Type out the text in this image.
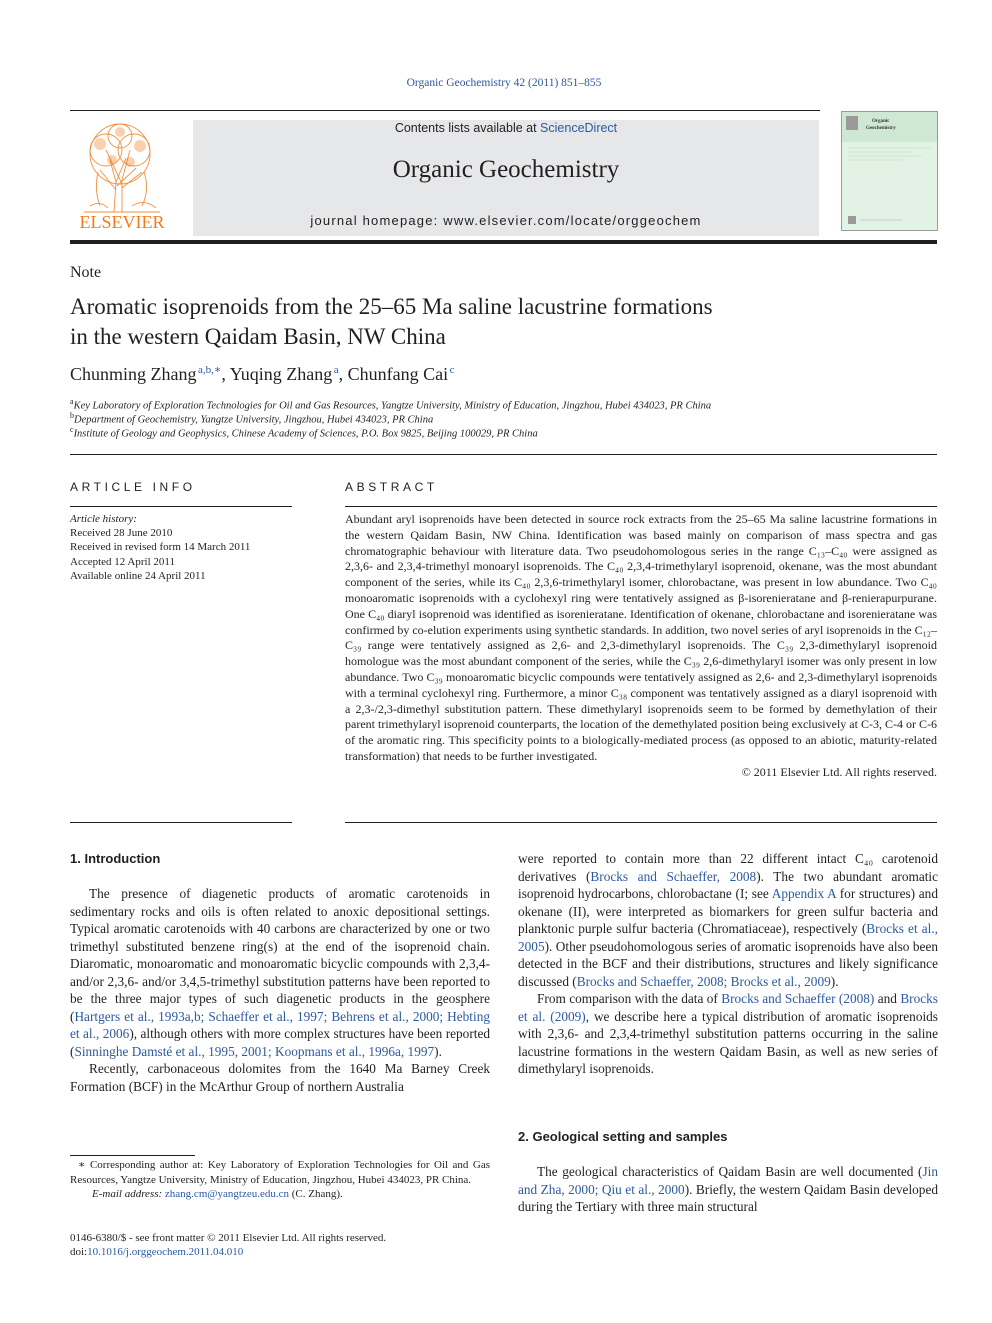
Organic Geochemistry 42 (2011) 851–855
ELSEVIER
Contents lists available at ScienceDirect
Organic Geochemistry
journal homepage: www.elsevier.com/locate/orggeochem
Organic
Geochemistry
Note
Aromatic isoprenoids from the 25–65 Ma saline lacustrine formations
in the western Qaidam Basin, NW China
Chunming Zhang  $^{a,b,∗}$, Yuqing Zhang  $^a$, Chunfang Cai  $^c$
$^a$Key Laboratory of Exploration Technologies for Oil and Gas Resources, Yangtze University, Ministry of Education, Jingzhou, Hubei 434023, PR China
$^b$Department of Geochemistry, Yangtze University, Jingzhou, Hubei 434023, PR China
$^c$Institute of Geology and Geophysics, Chinese Academy of Sciences, P.O. Box 9825, Beijing 100029, PR China
ARTICLE INFO	ABSTRACT
Article history:
Received 28 June 2010
Received in revised form 14 March 2011
Accepted 12 April 2011
Available online 24 April 2011

Abundant aryl isoprenoids have been detected in source rock extracts from the 25–65 Ma saline lacustrine formations in the western Qaidam Basin, NW China. Identification was based mainly on comparison of mass spectra and gas chromatographic behaviour with literature data. Two pseudohomologous series in the range C₁₃–C₄₀ were assigned as 2,3,6- and 2,3,4-trimethyl monoaryl isoprenoids. The C₄₀ 2,3,4-trimethylaryl isoprenoid, okenane, was the most abundant component of the series, while its C₄₀ 2,3,6-trimethylaryl isomer, chlorobactane, was present in low abundance. Two C₄₀ monoaromatic isoprenoids with a cyclohexyl ring were tentatively assigned as β-isorenieratane and β-renierapurpurane. One C₄₀ diaryl isoprenoid was identified as isorenieratane. Identification of okenane, chlorobactane and isorenieratane was confirmed by co-elution experiments using synthetic standards. In addition, two novel series of aryl isoprenoids in the C₁₂–C₃₉ range were tentatively assigned as 2,6- and 2,3-dimethylaryl isoprenoids. The C₃₉ 2,3-dimethylaryl isoprenoid homologue was the most abundant component of the series, while the C₃₉ 2,6-dimethylaryl isomer was only present in low abundance. Two C₃₉ monoaromatic bicyclic compounds were tentatively assigned as 2,6- and 2,3-dimethylaryl isoprenoids with a terminal cyclohexyl ring. Furthermore, a minor C₃₈ component was tentatively assigned as a diaryl isoprenoid with a 2,3-/2,3-dimethyl substitution pattern. These dimethylaryl isoprenoids seem to be formed by demethylation of their parent trimethylaryl isoprenoid counterparts, the location of the demethylated position being exclusively at C-3, C-4 or C-6 of the aromatic ring. This specificity points to a biologically-mediated process (as opposed to an abiotic, maturity-related transformation) that needs to be further investigated.

© 2011 Elsevier Ltd. All rights reserved.
1. Introduction

The presence of diagenetic products of aromatic carotenoids in sedimentary rocks and oils is often related to anoxic depositional settings. Typical aromatic carotenoids with 40 carbons are characterized by one or two trimethyl substituted benzene ring(s) at the end of the isoprenoid chain. Diaromatic, monoaromatic and monoaromatic bicyclic compounds with 2,3,4- and/or 2,3,6- and/or 3,4,5-trimethyl substitution patterns have been reported to be the three major types of such diagenetic products in the geosphere (Hartgers et al., 1993a,b; Schaeffer et al., 1997; Behrens et al., 2000; Hebting et al., 2006), although others with more complex structures have been reported (Sinninghe Damsté et al., 1995, 2001; Koopmans et al., 1996a, 1997).

Recently, carbonaceous dolomites from the 1640 Ma Barney Creek Formation (BCF) in the McArthur Group of northern Australia

∗ Corresponding author at: Key Laboratory of Exploration Technologies for Oil and Gas Resources, Yangtze University, Ministry of Education, Jingzhou, Hubei 434023, PR China.

E-mail address: zhang.cm@yangtzeu.edu.cn (C. Zhang).

0146-6380/$ - see front matter © 2011 Elsevier Ltd. All rights reserved.
doi:10.1016/j.orggeochem.2011.04.010

were reported to contain more than 22 different intact C₄₀ carotenoid derivatives (Brocks and Schaeffer, 2008). The two abundant aromatic isoprenoid hydrocarbons, chlorobactane (I; see Appendix A for structures) and okenane (II), were interpreted as biomarkers for green sulfur bacteria and planktonic purple sulfur bacteria (Chromatiaceae), respectively (Brocks et al., 2005). Other pseudohomologous series of aromatic isoprenoids have also been detected in the BCF and their distributions, structures and likely significance discussed (Brocks and Schaeffer, 2008; Brocks et al., 2009).

From comparison with the data of Brocks and Schaeffer (2008) and Brocks et al. (2009), we describe here a typical distribution of aromatic isoprenoids with 2,3,6- and 2,3,4-trimethyl substitution patterns occurring in the saline lacustrine formations in the western Qaidam Basin, as well as new series of dimethylaryl isoprenoids.

2. Geological setting and samples

The geological characteristics of Qaidam Basin are well documented (Jin and Zha, 2000; Qiu et al., 2000). Briefly, the western Qaidam Basin developed during the Tertiary with three main structural
